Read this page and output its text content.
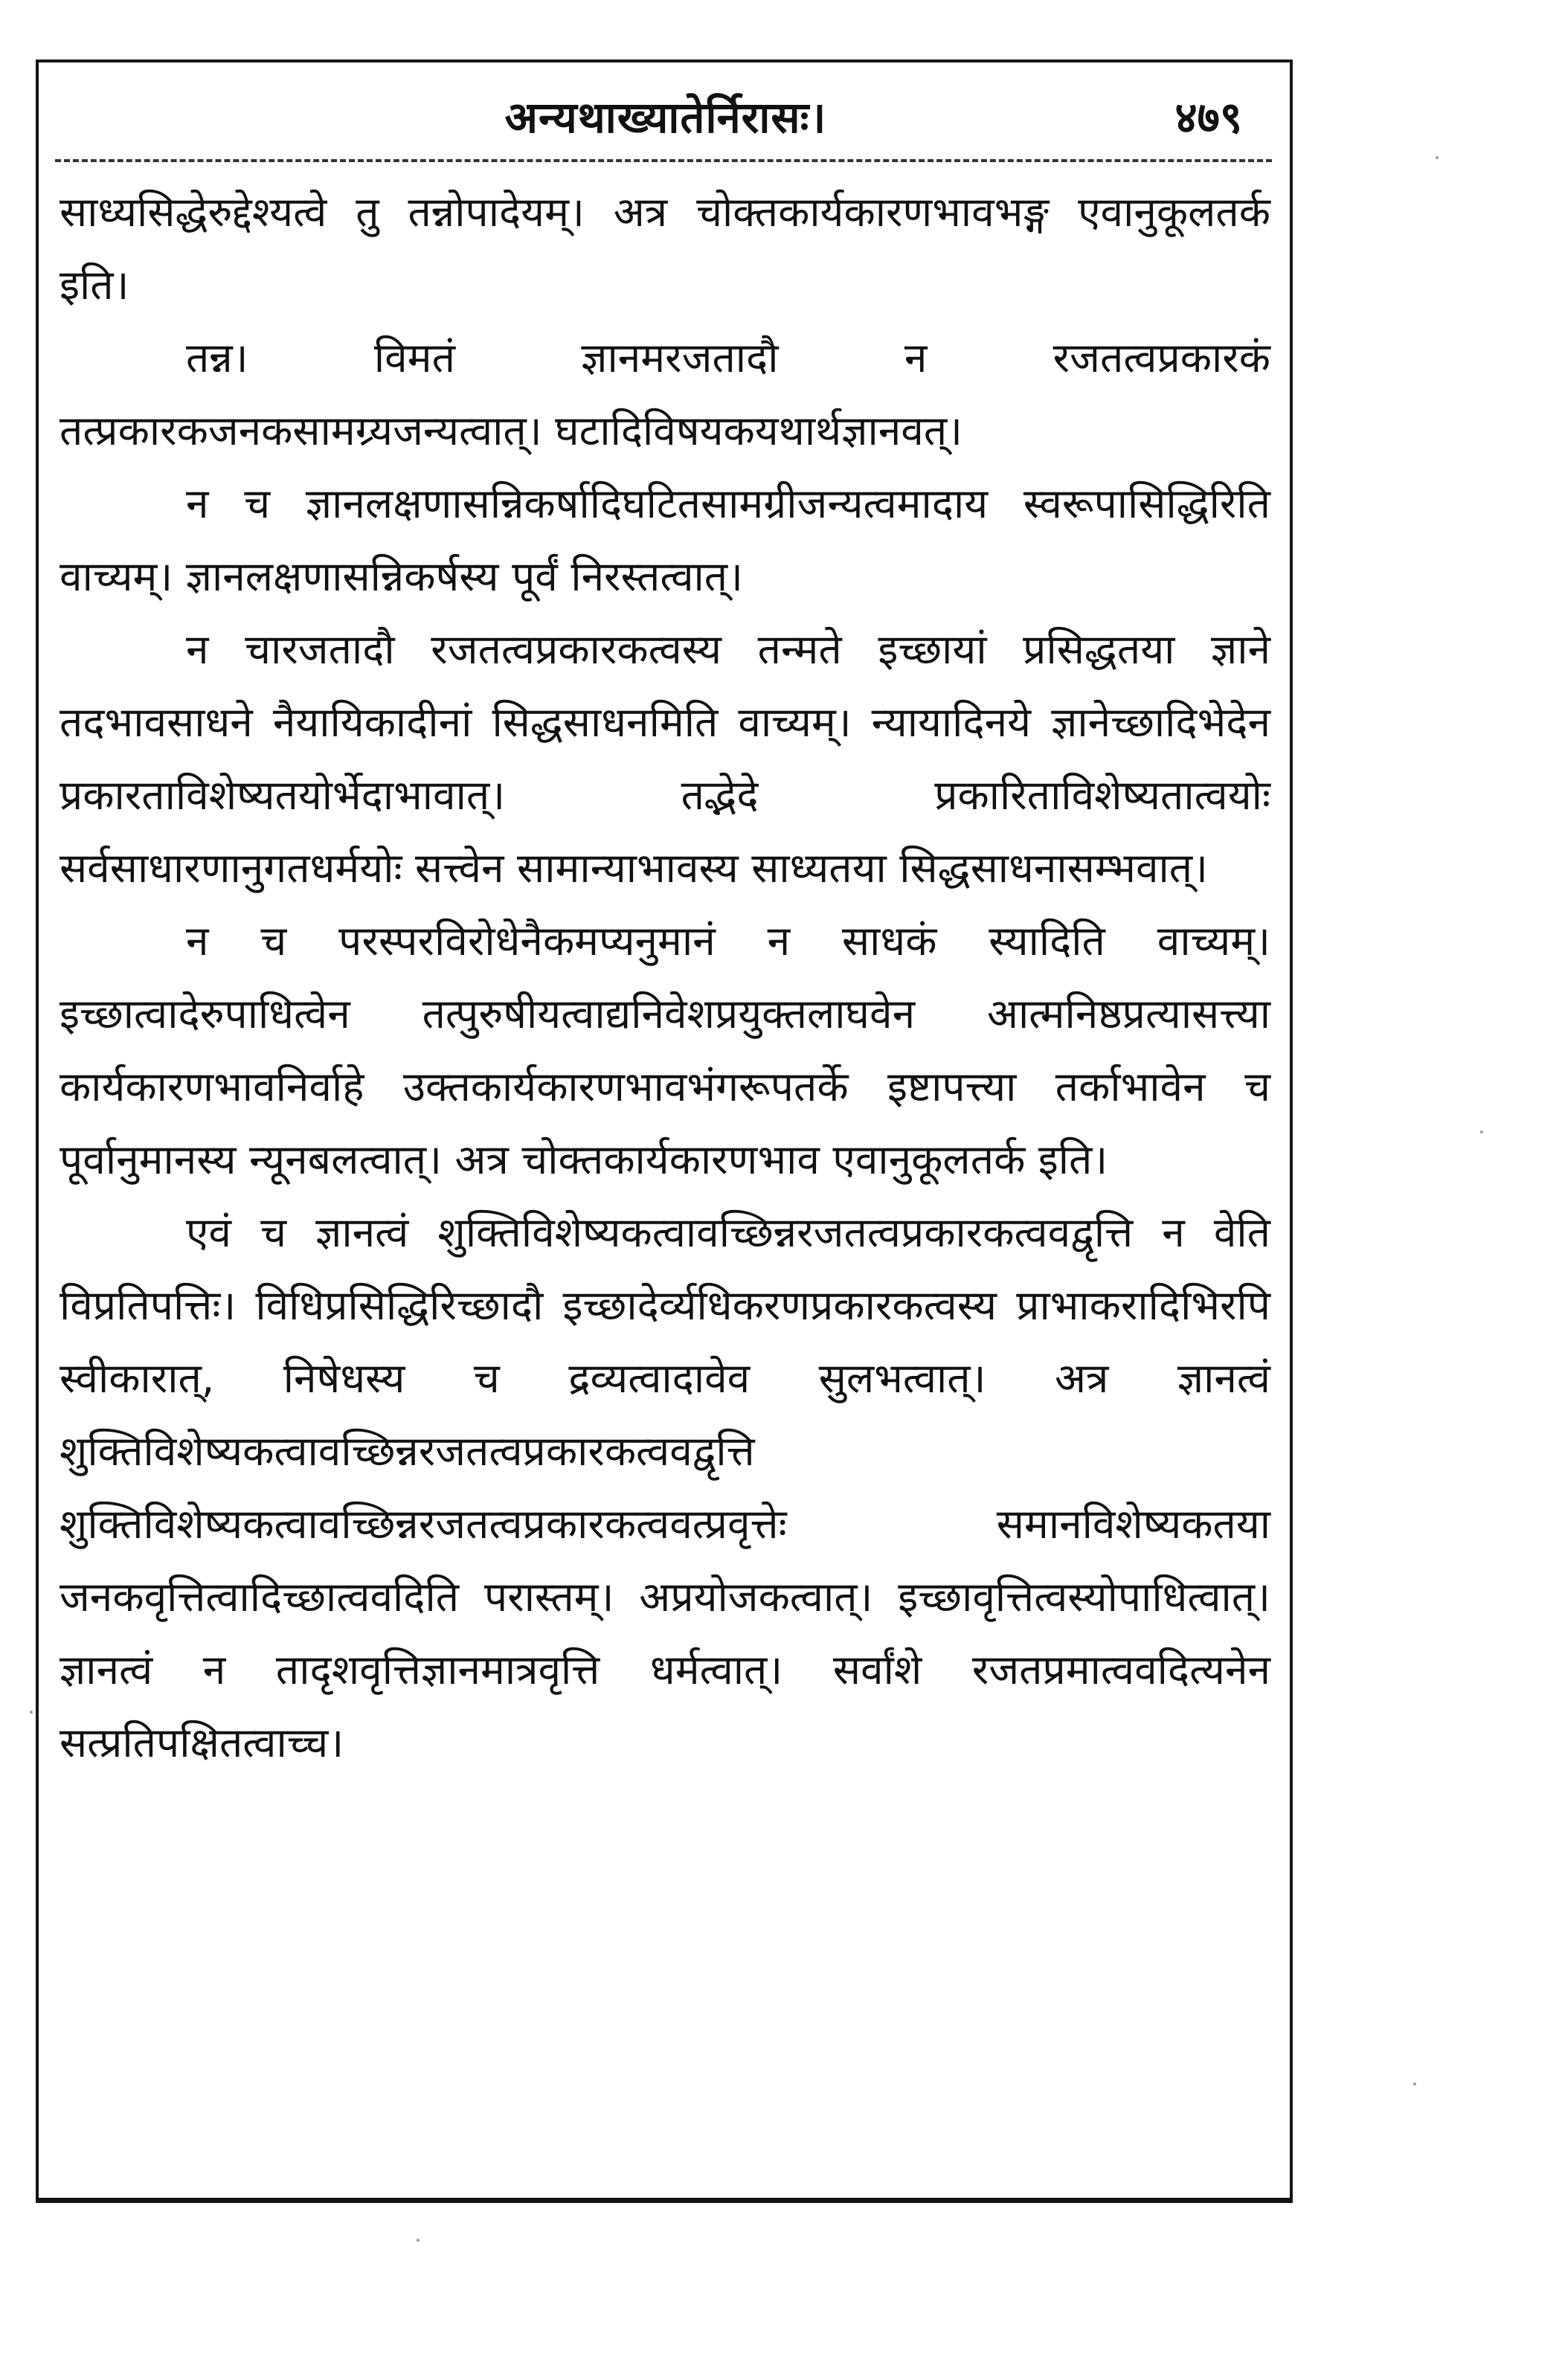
अन्यथाख्यातेर्निरासः।	४७९

साध्यसिद्धेरुद्देश्यत्वे तु तन्नोपादेयम्। अत्र चोक्तकार्यकारणभावभङ्ग एवानुकूलतर्क इति।

तन्न। विमतं ज्ञानमरजतादौ न रजतत्वप्रकारकं तत्प्रकारकजनकसामग्र्यजन्यत्वात्। घटादिविषयकयथार्थज्ञानवत्।

न च ज्ञानलक्षणासन्निकर्षादिघटितसामग्रीजन्यत्वमादाय स्वरूपासिद्धिरिति वाच्यम्। ज्ञानलक्षणासन्निकर्षस्य पूर्वं निरस्तत्वात्।

न चारजतादौ रजतत्वप्रकारकत्वस्य तन्मते इच्छायां प्रसिद्धतया ज्ञाने तदभावसाधने नैयायिकादीनां सिद्धसाधनमिति वाच्यम्। न्यायादिनये ज्ञानेच्छादिभेदेन प्रकारताविशेष्यतयोर्भेदाभावात्। तद्भेदे प्रकारिताविशेष्यतात्वयोः सर्वसाधारणानुगतधर्मयोः सत्त्वेन सामान्याभावस्य साध्यतया सिद्धसाधनासम्भवात्।

न च परस्परविरोधेनैकमप्यनुमानं न साधकं स्यादिति वाच्यम्। इच्छात्वादेरुपाधित्वेन तत्पुरुषीयत्वाद्यनिवेशप्रयुक्तलाघवेन आत्मनिष्ठप्रत्यासत्त्या कार्यकारणभावनिर्वाहे उक्तकार्यकारणभावभंगरूपतर्के इष्टापत्त्या तर्काभावेन च पूर्वानुमानस्य न्यूनबलत्वात्। अत्र चोक्तकार्यकारणभाव एवानुकूलतर्क इति।

एवं च ज्ञानत्वं शुक्तिविशेष्यकत्वावच्छिन्नरजतत्वप्रकारकत्ववद्वृत्ति न वेति विप्रतिपत्तिः। विधिप्रसिद्धिरिच्छादौ इच्छादेर्व्यधिकरणप्रकारकत्वस्य प्राभाकरादिभिरपि स्वीकारात्, निषेधस्य च द्रव्यत्वादावेव सुलभत्वात्। अत्र ज्ञानत्वं शुक्तिविशेष्यकत्वावच्छिन्नरजतत्वप्रकारकत्ववद्वृत्ति शुक्तिविशेष्यकत्वावच्छिन्नरजतत्वप्रकारकत्ववत्प्रवृत्तेः समानविशेष्यकतया जनकवृत्तित्वादिच्छात्ववदिति परास्तम्। अप्रयोजकत्वात्। इच्छावृत्तित्वस्योपाधित्वात्। ज्ञानत्वं न तादृशवृत्तिज्ञानमात्रवृत्ति धर्मत्वात्। सर्वांशे रजतप्रमात्ववदित्यनेन सत्प्रतिपक्षितत्वाच्च।
